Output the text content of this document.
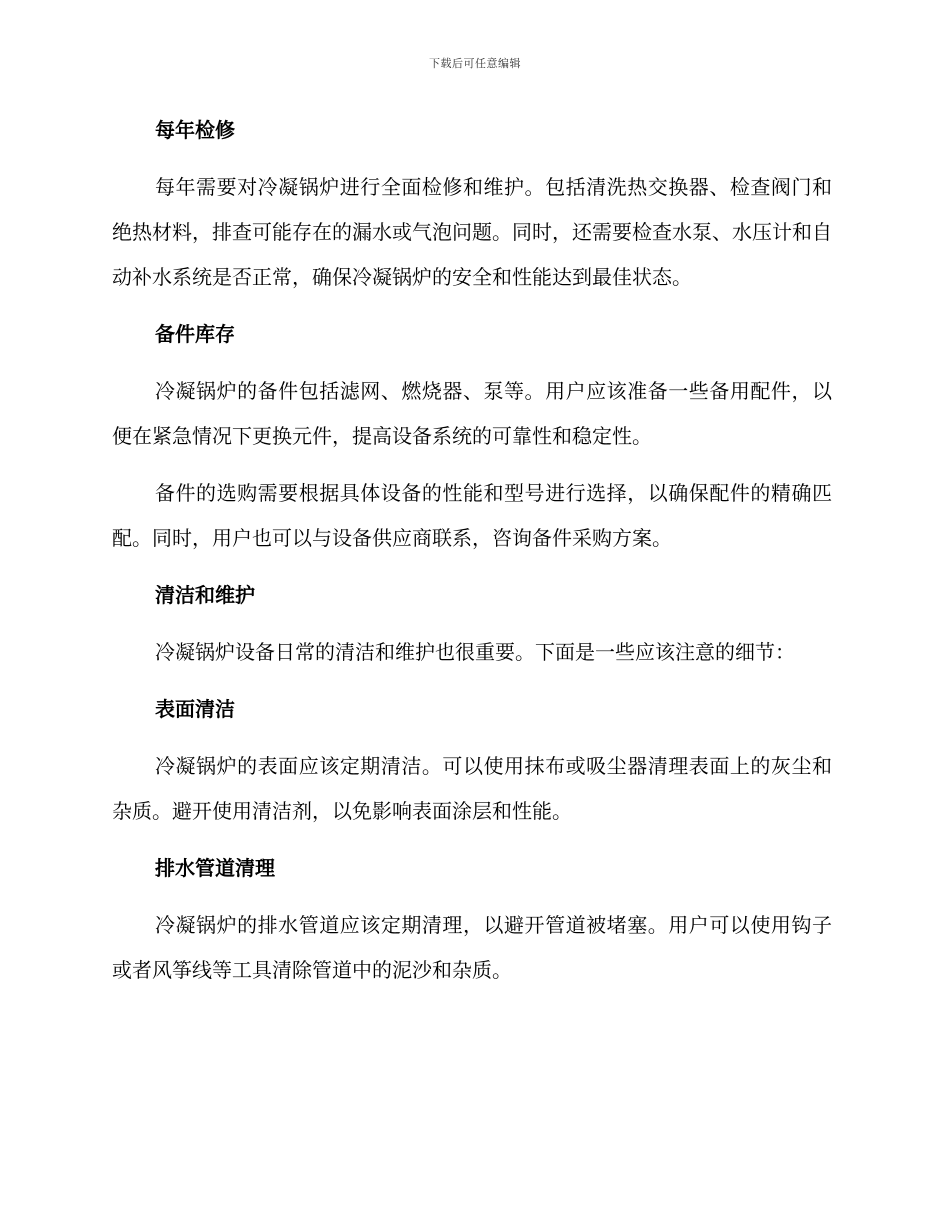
下载后可任意编辑
每年检修

每年需要对冷凝锅炉进行全面检修和维护。包括清洗热交换器、检查阀门和绝热材料，排查可能存在的漏水或气泡问题。同时，还需要检查水泵、水压计和自动补水系统是否正常，确保冷凝锅炉的安全和性能达到最佳状态。

备件库存

冷凝锅炉的备件包括滤网、燃烧器、泵等。用户应该准备一些备用配件，以便在紧急情况下更换元件，提高设备系统的可靠性和稳定性。

备件的选购需要根据具体设备的性能和型号进行选择，以确保配件的精确匹配。同时，用户也可以与设备供应商联系，咨询备件采购方案。

清洁和维护

冷凝锅炉设备日常的清洁和维护也很重要。下面是一些应该注意的细节：

表面清洁

冷凝锅炉的表面应该定期清洁。可以使用抹布或吸尘器清理表面上的灰尘和杂质。避开使用清洁剂，以免影响表面涂层和性能。

排水管道清理

冷凝锅炉的排水管道应该定期清理，以避开管道被堵塞。用户可以使用钩子或者风筝线等工具清除管道中的泥沙和杂质。
